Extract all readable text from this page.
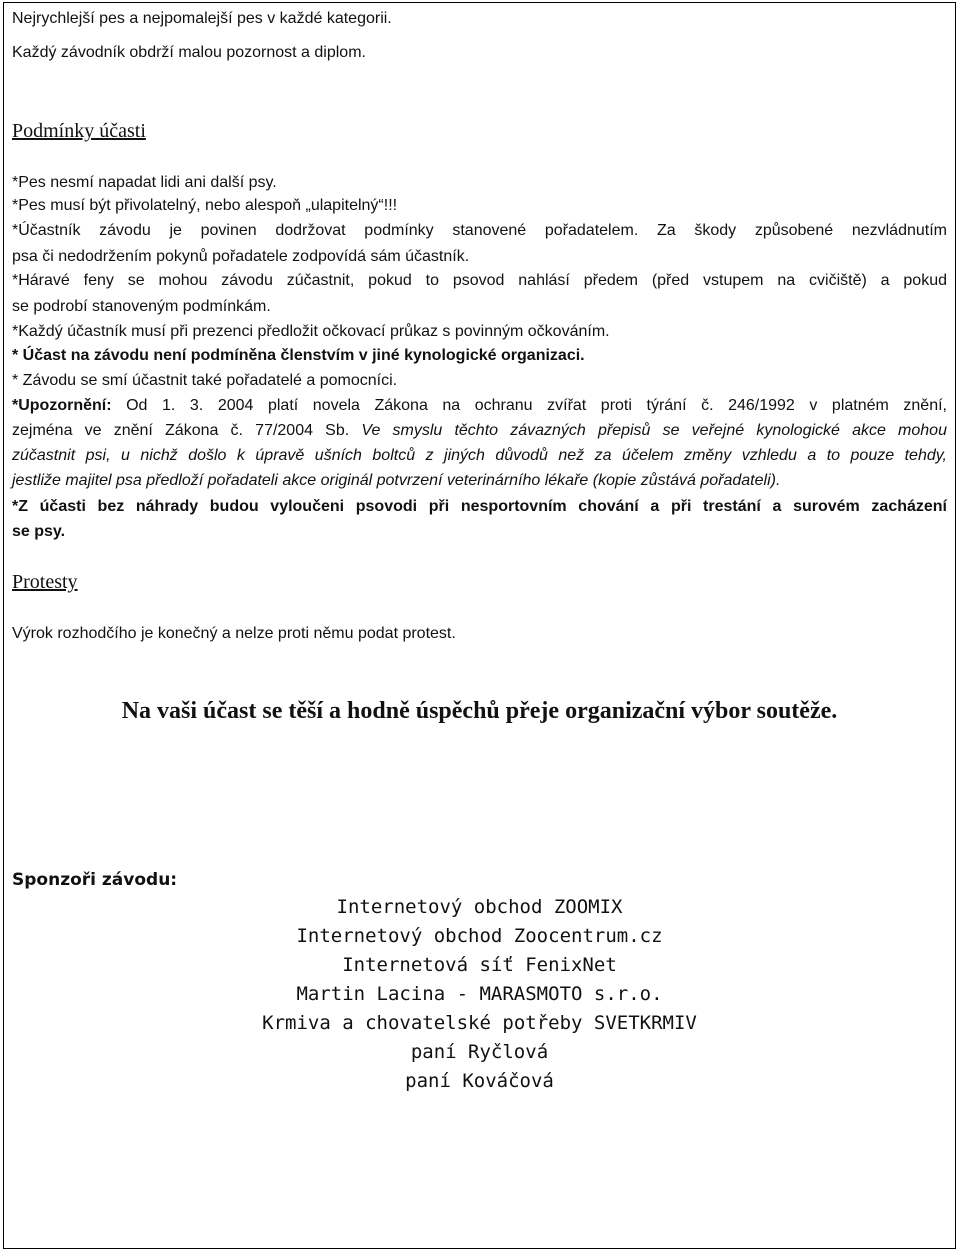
Nejrychlejší pes a nejpomalejší pes v každé kategorii.
Každý závodník obdrží malou pozornost a diplom.
Podmínky účasti
*Pes nesmí napadat lidi ani další psy.
*Pes musí být přivolatelný, nebo alespoň „ulapitelný“!!!
*Účastník závodu je povinen dodržovat podmínky stanovené pořadatelem. Za škody způsobené nezvládnutím
psa či nedodržením pokynů pořadatele zodpovídá sám účastník.
*Háravé feny se mohou závodu zúčastnit, pokud to psovod nahlásí předem (před vstupem na cvičiště) a pokud
se podrobí stanoveným podmínkám.
*Každý účastník musí při prezenci předložit očkovací průkaz s povinným očkováním.
* Účast na závodu není podmíněna členstvím v jiné kynologické organizaci.
* Závodu se smí účastnit také pořadatelé a pomocníci.
*Upozornění: Od 1. 3. 2004 platí novela Zákona na ochranu zvířat proti týrání č. 246/1992 v platném znění,
zejména ve znění Zákona č. 77/2004 Sb. Ve smyslu těchto závazných přepisů se veřejné kynologické akce mohou
zúčastnit psi, u nichž došlo k úpravě ušních boltců z jiných důvodů než za účelem změny vzhledu a to pouze tehdy,
jestliže majitel psa předloží pořadateli akce originál potvrzení veterinárního lékaře (kopie zůstává pořadateli).
*Z účasti bez náhrady budou vyloučeni psovodi při nesportovním chování a při trestání a surovém zacházení
se psy.
Protesty
Výrok rozhodčího je konečný a nelze proti němu podat protest.
Na vaši účast se těší a hodně úspěchů přeje organizační výbor soutěže.
Sponzoři závodu:
Internetový obchod ZOOMIX
Internetový obchod Zoocentrum.cz
Internetová síť FenixNet
Martin Lacina - MARASMOTO s.r.o.
Krmiva a chovatelské potřeby SVETKRMIV
paní Ryčlová
paní Kováčová
